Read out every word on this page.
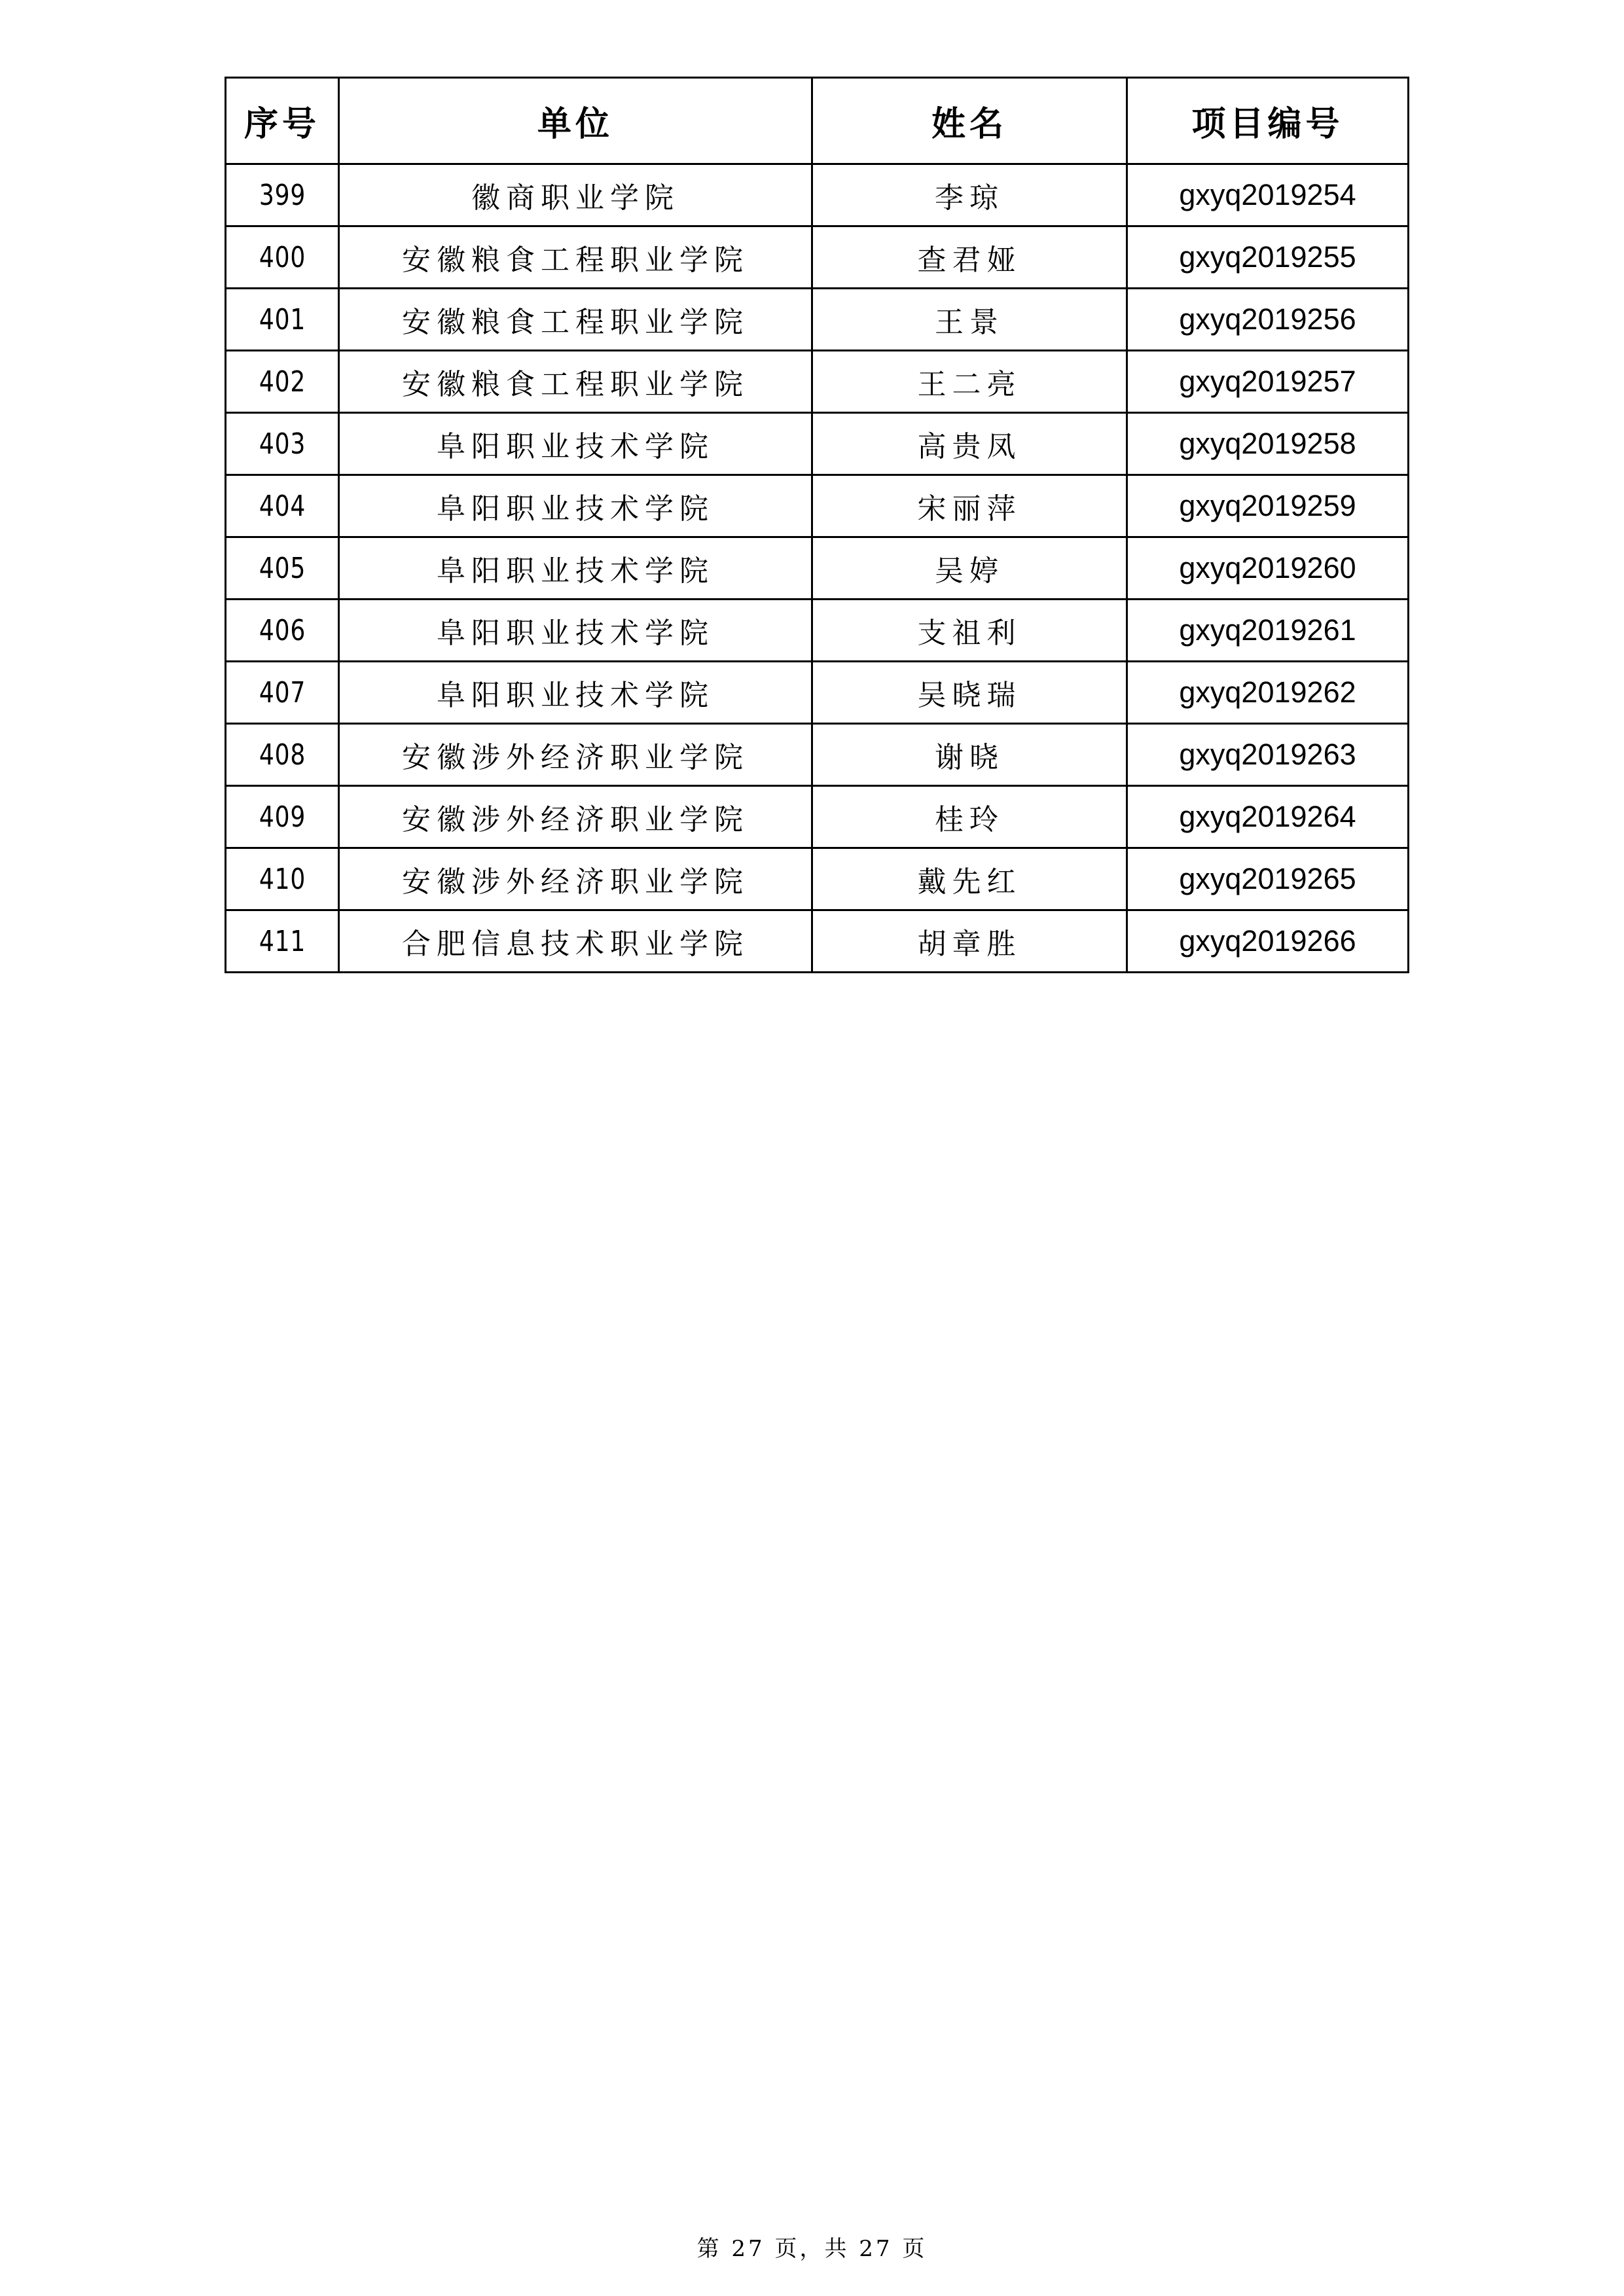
序号	单位	姓名	项目编号
399	徽商职业学院	李琼	gxyq2019254
400	安徽粮食工程职业学院	查君娅	gxyq2019255
401	安徽粮食工程职业学院	王景	gxyq2019256
402	安徽粮食工程职业学院	王二亮	gxyq2019257
403	阜阳职业技术学院	高贵凤	gxyq2019258
404	阜阳职业技术学院	宋丽萍	gxyq2019259
405	阜阳职业技术学院	吴婷	gxyq2019260
406	阜阳职业技术学院	支祖利	gxyq2019261
407	阜阳职业技术学院	吴晓瑞	gxyq2019262
408	安徽涉外经济职业学院	谢晓	gxyq2019263
409	安徽涉外经济职业学院	桂玲	gxyq2019264
410	安徽涉外经济职业学院	戴先红	gxyq2019265
411	合肥信息技术职业学院	胡章胜	gxyq2019266
第 27 页，共 27 页
